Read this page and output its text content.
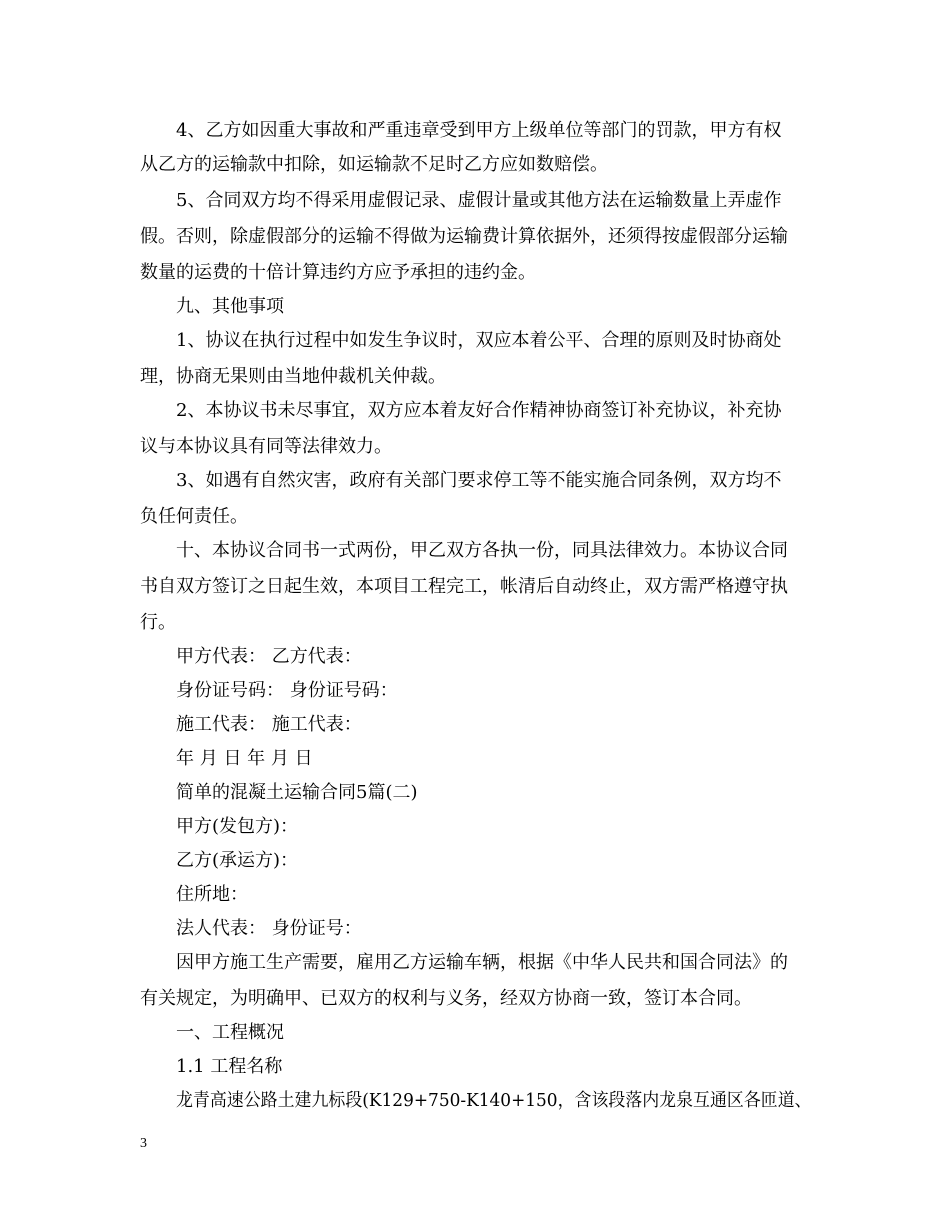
4、乙方如因重大事故和严重违章受到甲方上级单位等部门的罚款，甲方有权
从乙方的运输款中扣除，如运输款不足时乙方应如数赔偿。
5、合同双方均不得采用虚假记录、虚假计量或其他方法在运输数量上弄虚作
假。否则，除虚假部分的运输不得做为运输费计算依据外，还须得按虚假部分运输
数量的运费的十倍计算违约方应予承担的违约金。
九、其他事项
1、协议在执行过程中如发生争议时，双应本着公平、合理的原则及时协商处
理，协商无果则由当地仲裁机关仲裁。
2、本协议书未尽事宜，双方应本着友好合作精神协商签订补充协议，补充协
议与本协议具有同等法律效力。
3、如遇有自然灾害，政府有关部门要求停工等不能实施合同条例，双方均不
负任何责任。
十、本协议合同书一式两份，甲乙双方各执一份，同具法律效力。本协议合同
书自双方签订之日起生效，本项目工程完工，帐清后自动终止，双方需严格遵守执
行。
甲方代表： 乙方代表：
身份证号码： 身份证号码：
施工代表： 施工代表：
年 月 日 年 月 日
简单的混凝土运输合同5篇(二)
甲方(发包方)：
乙方(承运方)：
住所地：
法人代表： 身份证号：
因甲方施工生产需要，雇用乙方运输车辆，根据《中华人民共和国合同法》的
有关规定，为明确甲、已双方的权利与义务，经双方协商一致，签订本合同。
一、工程概况
1.1 工程名称
龙青高速公路土建九标段(K129+750-K140+150，含该段落内龙泉互通区各匝道、
3
